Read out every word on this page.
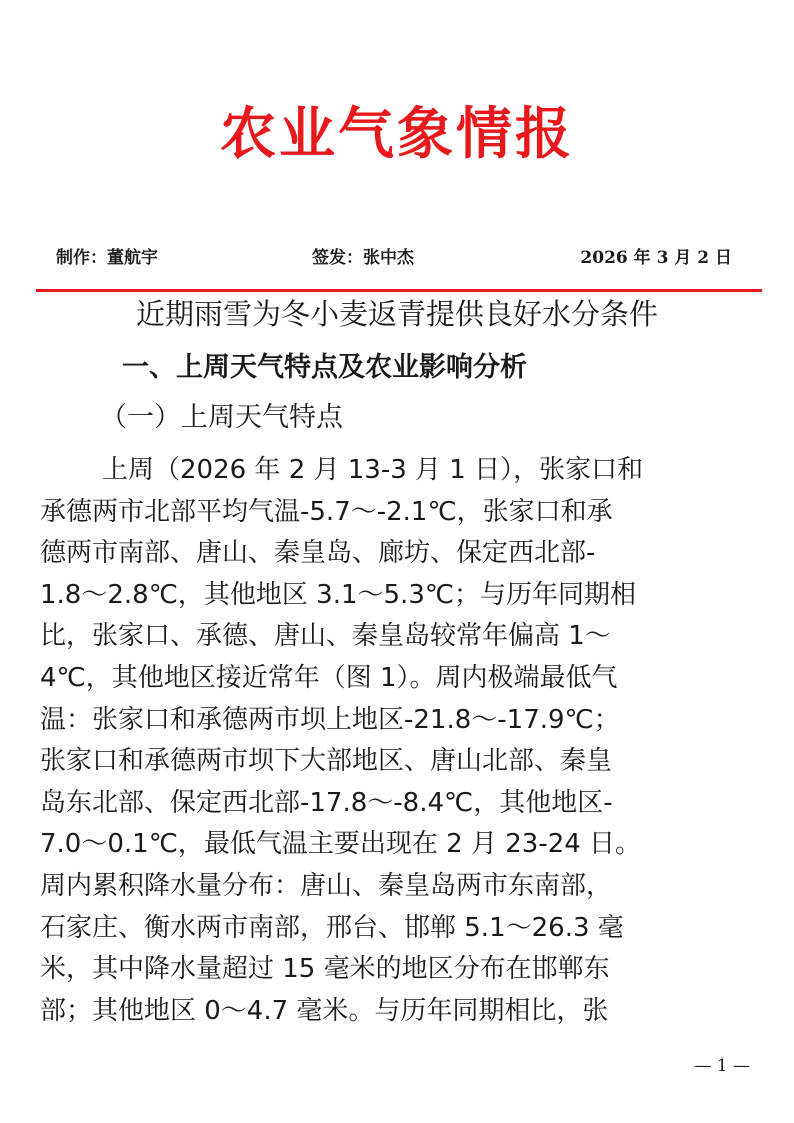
农业气象情报
制作：董航宇	签发：张中杰	2026 年 3 月 2 日
近期雨雪为冬小麦返青提供良好水分条件
一、上周天气特点及农业影响分析
（一）上周天气特点
上周（2026 年 2 月 13-3 月 1 日），张家口和
承德两市北部平均气温-5.7～-2.1℃，张家口和承
德两市南部、唐山、秦皇岛、廊坊、保定西北部-
1.8～2.8℃，其他地区 3.1～5.3℃；与历年同期相
比，张家口、承德、唐山、秦皇岛较常年偏高 1～
4℃，其他地区接近常年（图 1）。周内极端最低气
温：张家口和承德两市坝上地区-21.8～-17.9℃；
张家口和承德两市坝下大部地区、唐山北部、秦皇
岛东北部、保定西北部-17.8～-8.4℃，其他地区-
7.0～0.1℃，最低气温主要出现在 2 月 23-24 日。
周内累积降水量分布：唐山、秦皇岛两市东南部，
石家庄、衡水两市南部，邢台、邯郸 5.1～26.3 毫
米，其中降水量超过 15 毫米的地区分布在邯郸东
部；其他地区 0～4.7 毫米。与历年同期相比，张
— 1 —
